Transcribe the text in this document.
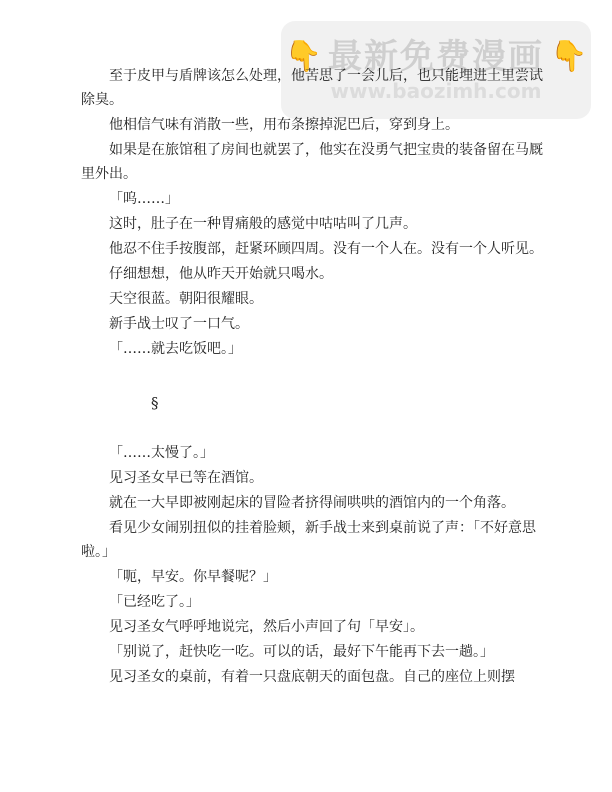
👇 最新免费漫画 👇
www.baozimh.com

至于皮甲与盾牌该怎么处理，他苦思了一会儿后，也只能埋进土里尝试除臭。

他相信气味有消散一些，用布条擦掉泥巴后，穿到身上。

如果是在旅馆租了房间也就罢了，他实在没勇气把宝贵的装备留在马厩里外出。

「呜……」

这时，肚子在一种胃痛般的感觉中咕咕叫了几声。

他忍不住手按腹部，赶紧环顾四周。没有一个人在。没有一个人听见。

仔细想想，他从昨天开始就只喝水。

天空很蓝。朝阳很耀眼。

新手战士叹了一口气。

「……就去吃饭吧。」

§

「……太慢了。」

见习圣女早已等在酒馆。

就在一大早即被刚起床的冒险者挤得闹哄哄的酒馆内的一个角落。

看见少女闹别扭似的挂着脸颊，新手战士来到桌前说了声：「不好意思啦。」

「呃，早安。你早餐呢？」

「已经吃了。」

见习圣女气呼呼地说完，然后小声回了句「早安」。

「别说了，赶快吃一吃。可以的话，最好下午能再下去一趟。」

见习圣女的桌前，有着一只盘底朝天的面包盘。自己的座位上则摆
